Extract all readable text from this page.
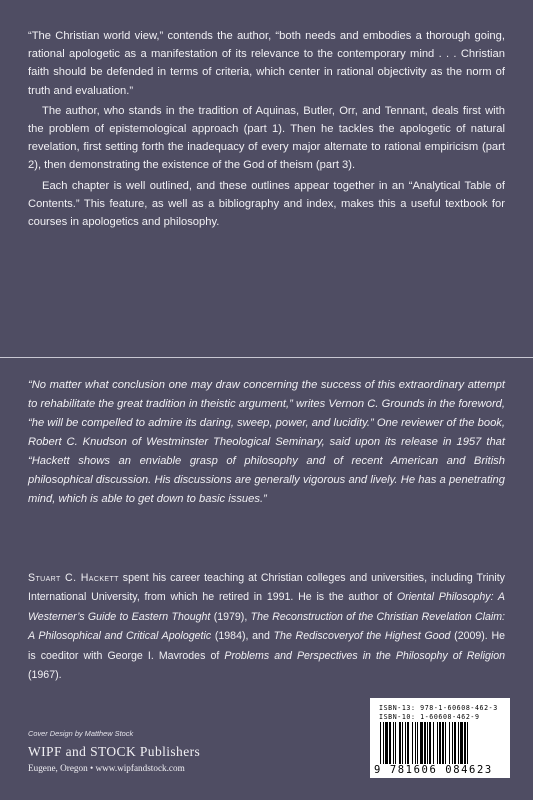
“The Christian world view,” contends the author, “both needs and embodies a thorough going, rational apologetic as a manifestation of its relevance to the contemporary mind . . . Christian faith should be defended in terms of criteria, which center in rational objectivity as the norm of truth and evaluation.”

The author, who stands in the tradition of Aquinas, Butler, Orr, and Tennant, deals first with the problem of epistemological approach (part 1). Then he tackles the apologetic of natural revelation, first setting forth the inadequacy of every major alternate to rational empiricism (part 2), then demonstrating the existence of the God of theism (part 3).

Each chapter is well outlined, and these outlines appear together in an “Analytical Table of Contents.” This feature, as well as a bibliography and index, makes this a useful textbook for courses in apologetics and philosophy.

“No matter what conclusion one may draw concerning the success of this extraordinary attempt to rehabilitate the great tradition in theistic argument,” writes Vernon C. Grounds in the foreword, “he will be compelled to admire its daring, sweep, power, and lucidity.” One reviewer of the book, Robert C. Knudson of Westminster Theological Seminary, said upon its release in 1957 that “Hackett shows an enviable grasp of philosophy and of recent American and British philosophical discussion. His discussions are generally vigorous and lively. He has a penetrating mind, which is able to get down to basic issues.”

Stuart C. Hackett spent his career teaching at Christian colleges and universities, including Trinity International University, from which he retired in 1991. He is the author of Oriental Philosophy: A Westerner’s Guide to Eastern Thought (1979), The Reconstruction of the Christian Revelation Claim: A Philosophical and Critical Apologetic (1984), and The Rediscoveryof the Highest Good (2009). He is coeditor with George I. Mavrodes of Problems and Perspectives in the Philosophy of Religion (1967).

Cover Design by Matthew Stock
WIPF and STOCK Publishers
Eugene, Oregon • www.wipfandstock.com
ISBN-13: 978-1-60608-462-3
ISBN-10: 1-60608-462-9
9 781606 084623
